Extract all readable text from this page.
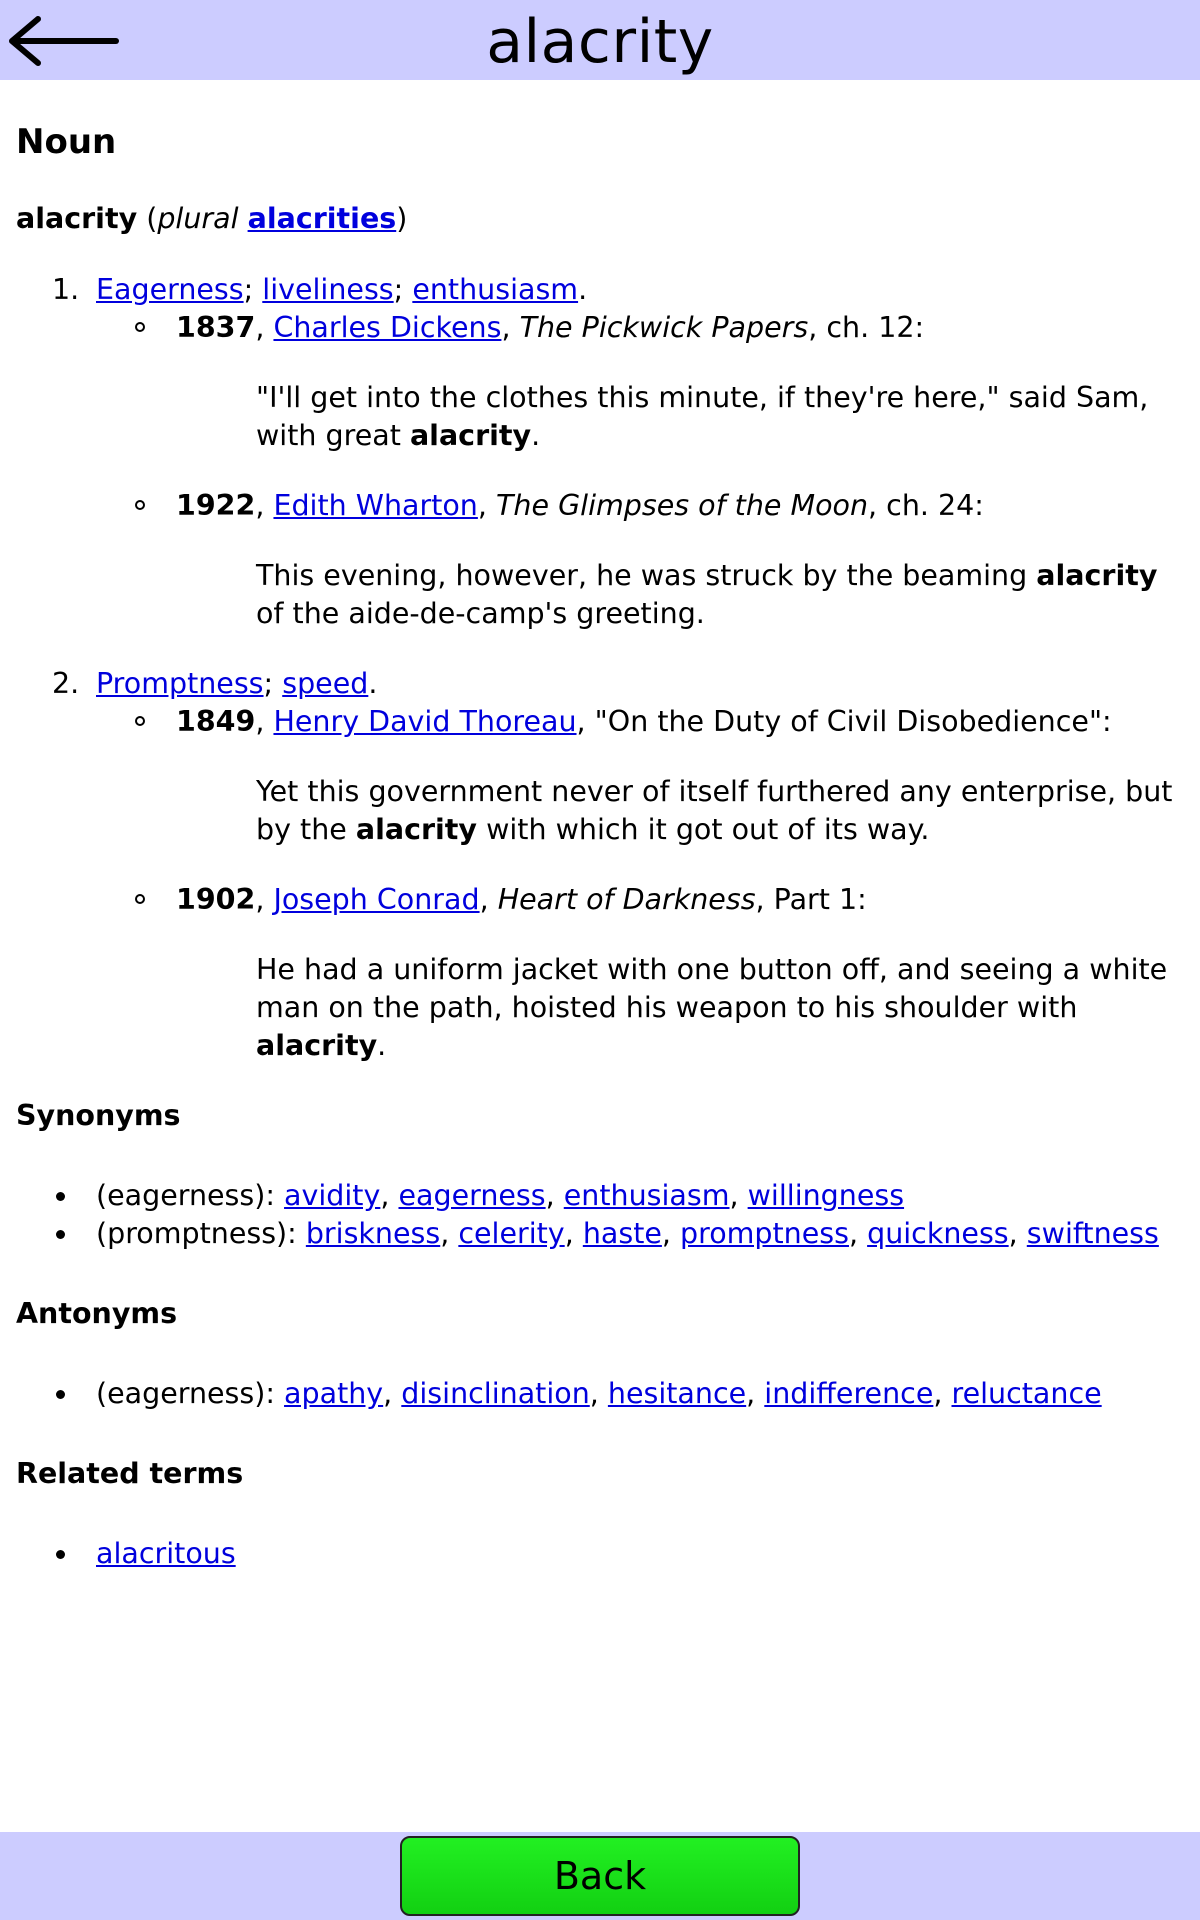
alacrity
Noun
alacrity (plural alacrities)
1. Eagerness; liveliness; enthusiasm.
1837, Charles Dickens, The Pickwick Papers, ch. 12:
"I'll get into the clothes this minute, if they're here," said Sam, with great alacrity.
1922, Edith Wharton, The Glimpses of the Moon, ch. 24:
This evening, however, he was struck by the beaming alacrity of the aide-de-camp's greeting.
2. Promptness; speed.
1849, Henry David Thoreau, "On the Duty of Civil Disobedience":
Yet this government never of itself furthered any enterprise, but by the alacrity with which it got out of its way.
1902, Joseph Conrad, Heart of Darkness, Part 1:
He had a uniform jacket with one button off, and seeing a white man on the path, hoisted his weapon to his shoulder with alacrity.
Synonyms
(eagerness): avidity, eagerness, enthusiasm, willingness
(promptness): briskness, celerity, haste, promptness, quickness, swiftness
Antonyms
(eagerness): apathy, disinclination, hesitance, indifference, reluctance
Related terms
alacritous
Back
